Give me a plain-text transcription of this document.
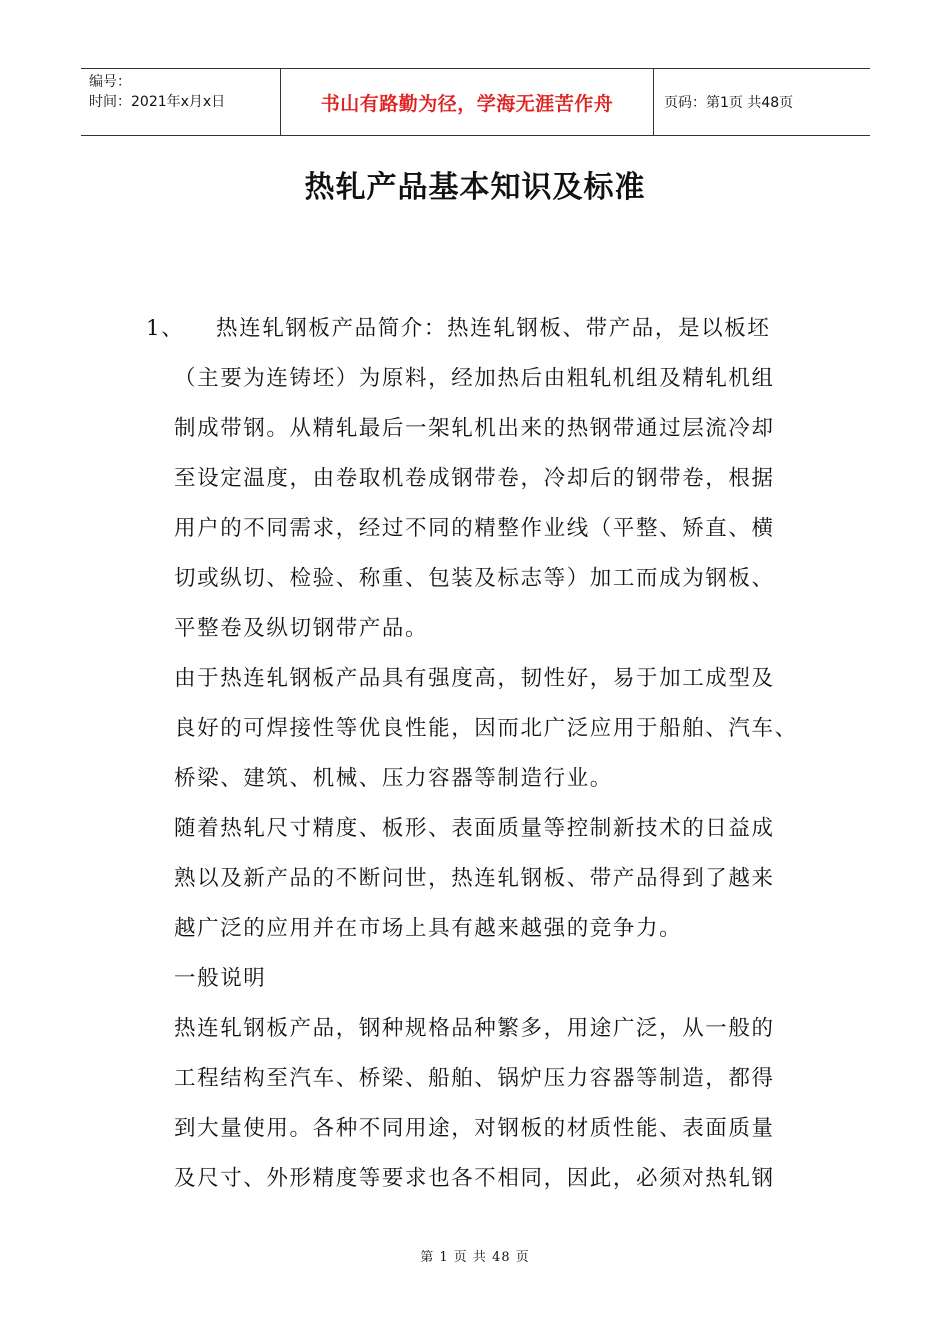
编号：
时间：2021年x月x日	书山有路勤为径，学海无涯苦作舟	页码：第1页 共48页
热轧产品基本知识及标准
1、 热连轧钢板产品简介：热连轧钢板、带产品，是以板坯
（主要为连铸坯）为原料，经加热后由粗轧机组及精轧机组
制成带钢。从精轧最后一架轧机出来的热钢带通过层流冷却
至设定温度，由卷取机卷成钢带卷，冷却后的钢带卷，根据
用户的不同需求，经过不同的精整作业线（平整、矫直、横
切或纵切、检验、称重、包装及标志等）加工而成为钢板、
平整卷及纵切钢带产品。
由于热连轧钢板产品具有强度高，韧性好，易于加工成型及
良好的可焊接性等优良性能，因而北广泛应用于船舶、汽车、
桥梁、建筑、机械、压力容器等制造行业。
随着热轧尺寸精度、板形、表面质量等控制新技术的日益成
熟以及新产品的不断问世，热连轧钢板、带产品得到了越来
越广泛的应用并在市场上具有越来越强的竞争力。
一般说明
热连轧钢板产品，钢种规格品种繁多，用途广泛，从一般的
工程结构至汽车、桥梁、船舶、锅炉压力容器等制造，都得
到大量使用。各种不同用途，对钢板的材质性能、表面质量
及尺寸、外形精度等要求也各不相同，因此，必须对热轧钢
第 1 页 共 48 页
